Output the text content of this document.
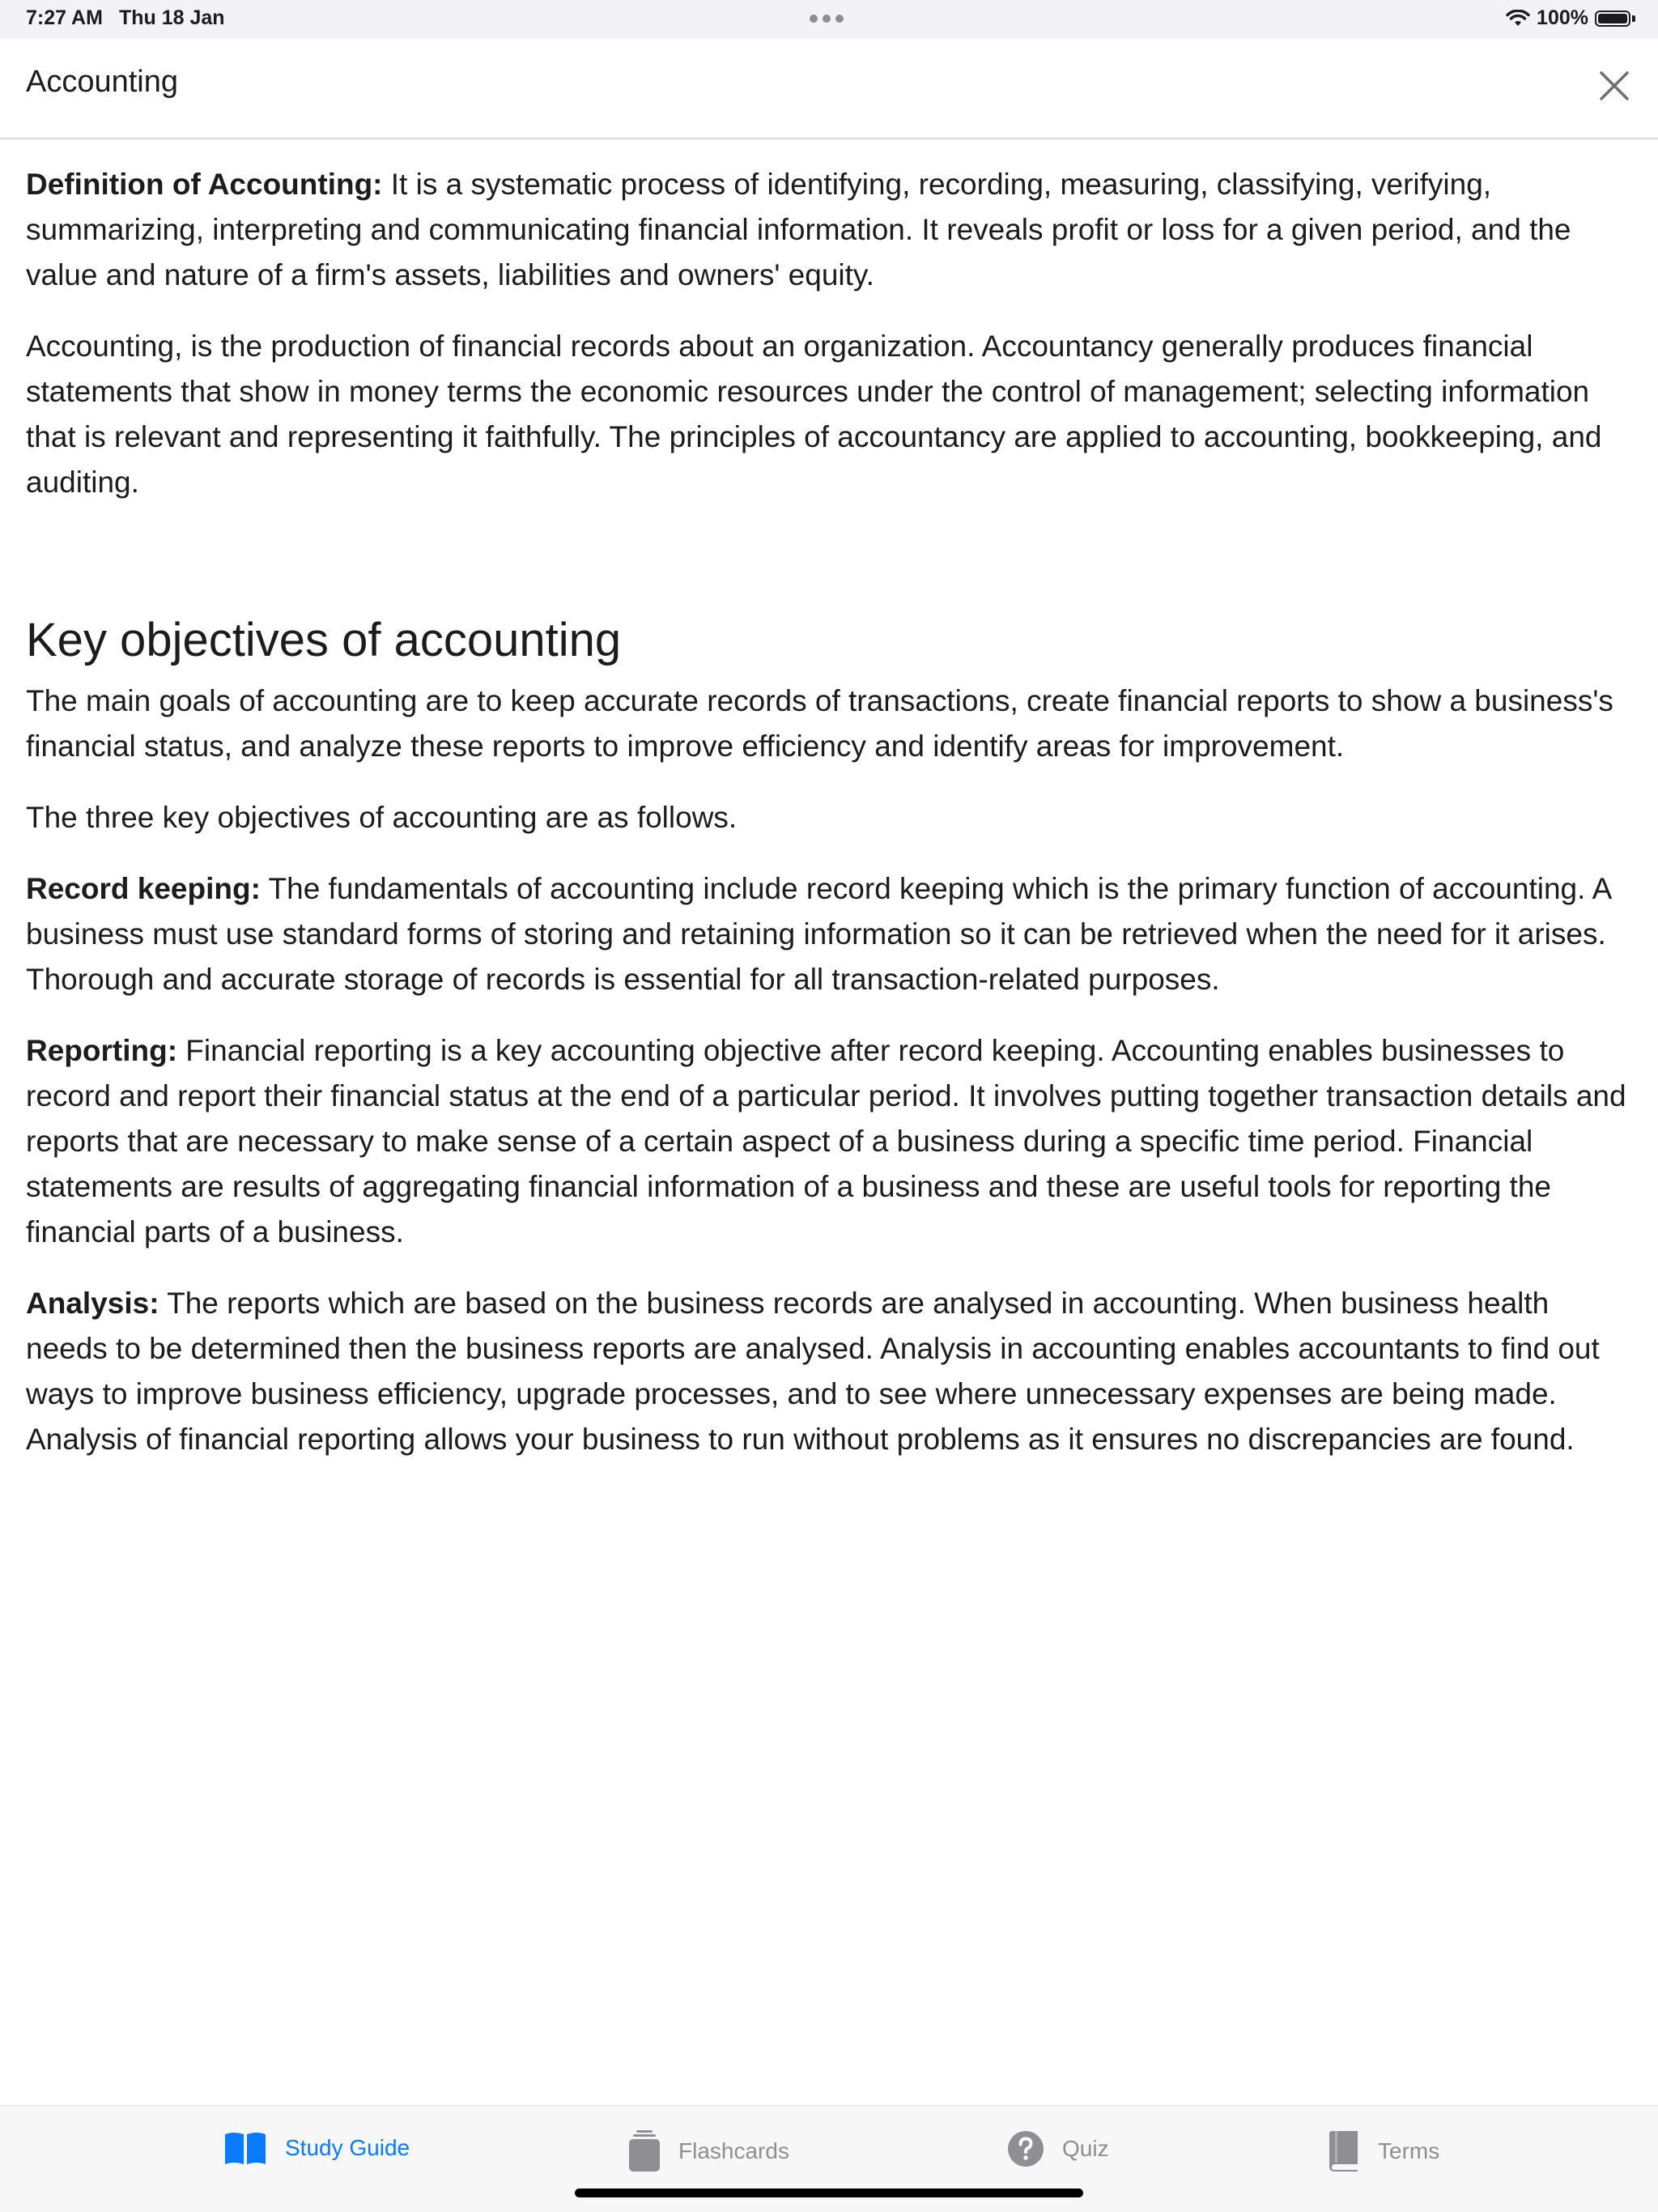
7:27 AM Thu 18 Jan	100%
Accounting

Definition of Accounting: It is a systematic process of identifying, recording, measuring, classifying, verifying, summarizing, interpreting and communicating financial information. It reveals profit or loss for a given period, and the value and nature of a firm's assets, liabilities and owners' equity.

Accounting, is the production of financial records about an organization. Accountancy generally produces financial statements that show in money terms the economic resources under the control of management; selecting information that is relevant and representing it faithfully. The principles of accountancy are applied to accounting, bookkeeping, and auditing.

Key objectives of accounting

The main goals of accounting are to keep accurate records of transactions, create financial reports to show a business's financial status, and analyze these reports to improve efficiency and identify areas for improvement.

The three key objectives of accounting are as follows.

Record keeping: The fundamentals of accounting include record keeping which is the primary function of accounting. A business must use standard forms of storing and retaining information so it can be retrieved when the need for it arises. Thorough and accurate storage of records is essential for all transaction-related purposes.

Reporting: Financial reporting is a key accounting objective after record keeping. Accounting enables businesses to record and report their financial status at the end of a particular period. It involves putting together transaction details and reports that are necessary to make sense of a certain aspect of a business during a specific time period. Financial statements are results of aggregating financial information of a business and these are useful tools for reporting the financial parts of a business.

Analysis: The reports which are based on the business records are analysed in accounting. When business health needs to be determined then the business reports are analysed. Analysis in accounting enables accountants to find out ways to improve business efficiency, upgrade processes, and to see where unnecessary expenses are being made. Analysis of financial reporting allows your business to run without problems as it ensures no discrepancies are found.

Study Guide	Flashcards	Quiz	Terms
